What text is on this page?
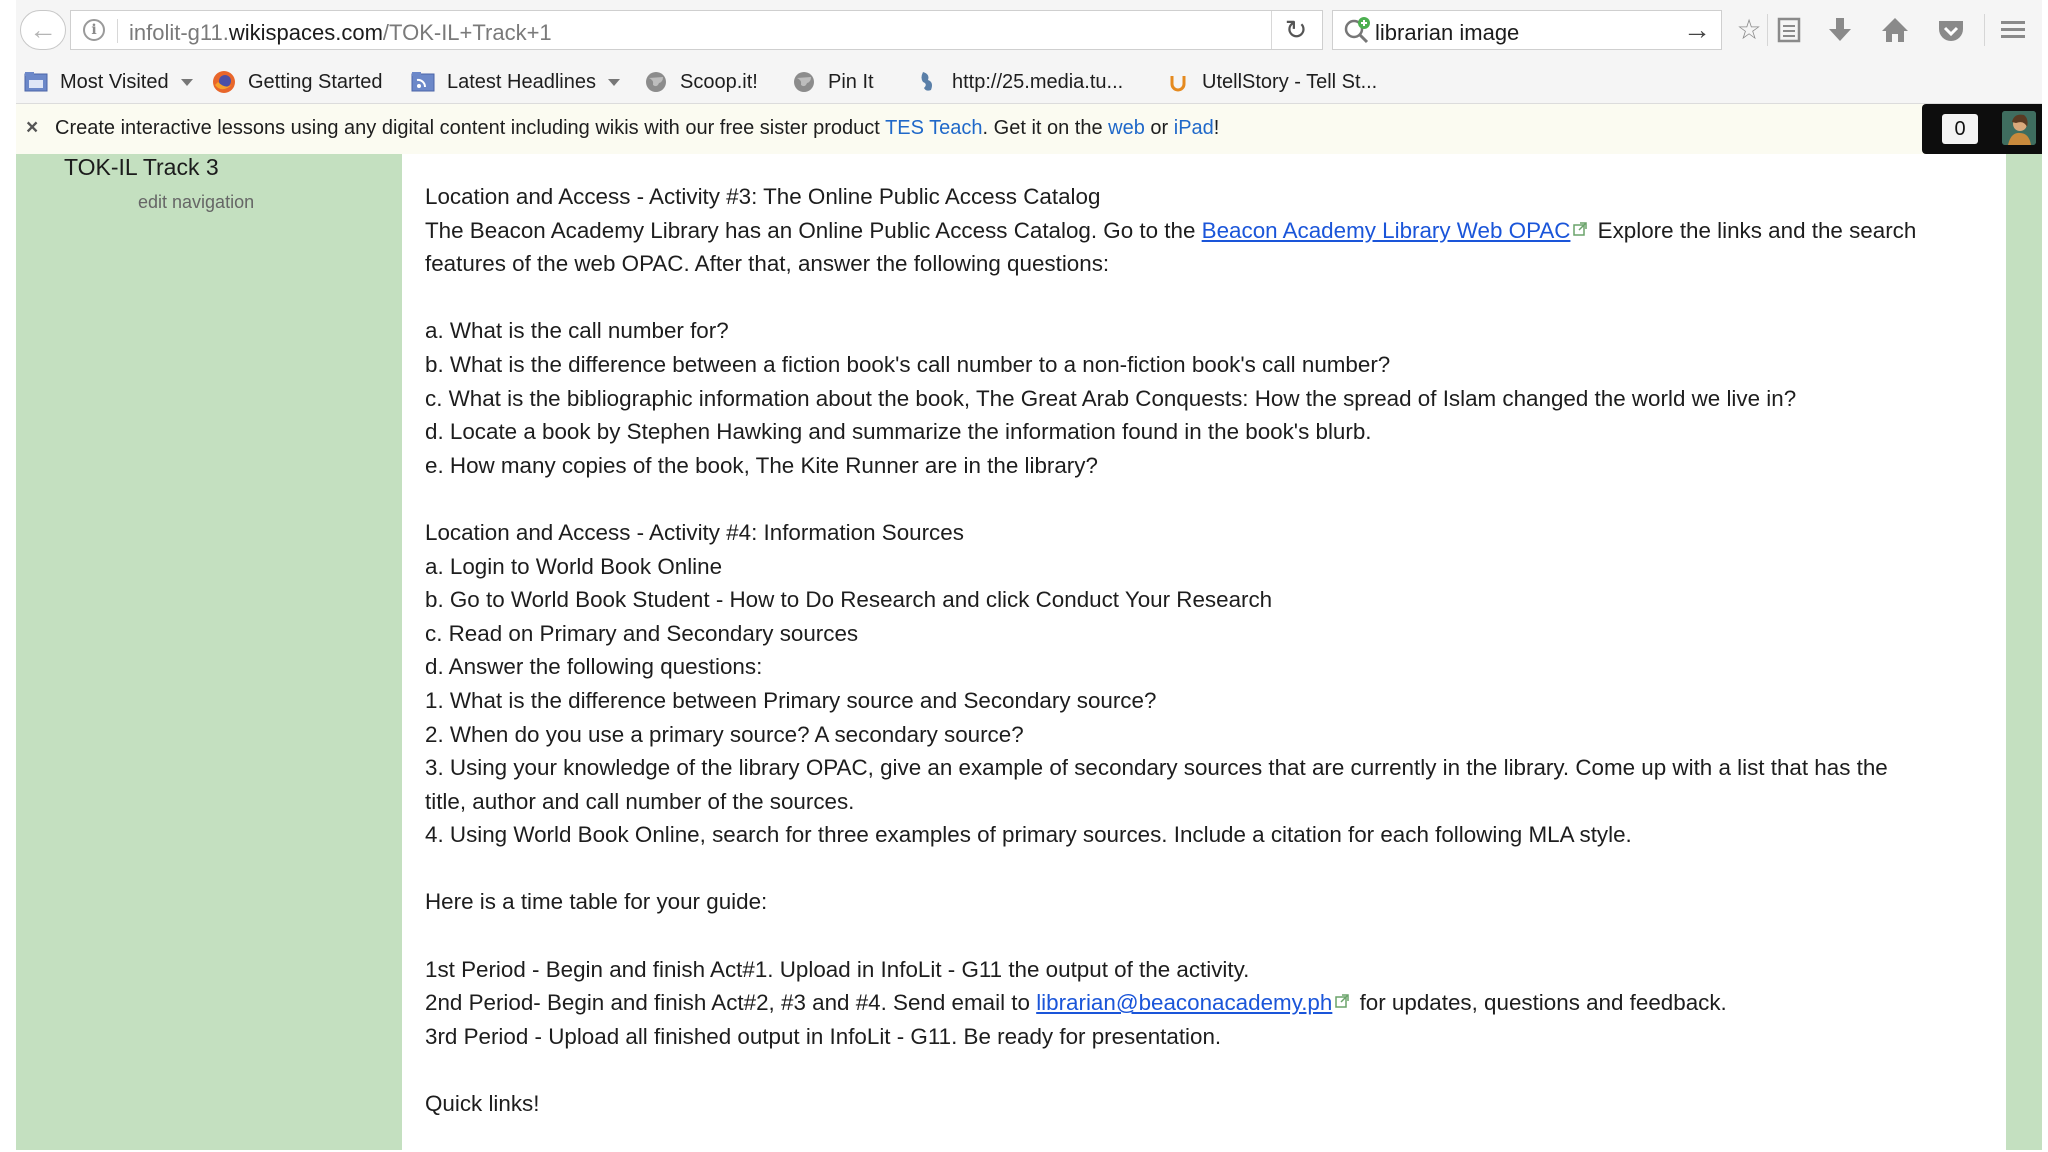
←	i	infolit-g11.wikispaces.com/TOK-IL+Track+1	↻	librarian image	→ ☆
Most Visited	Getting Started	Latest Headlines	Scoop.it!	Pin It	http://25.media.tu...	UtellStory - Tell St...
× Create interactive lessons using any digital content including wikis with our free sister product TES Teach. Get it on the web or iPad!	0
TOK-IL Track 3
edit navigation	Location and Access - Activity #3: The Online Public Access Catalog

The Beacon Academy Library has an Online Public Access Catalog. Go to the Beacon Academy Library Web OPAC Explore the links and the search features of the web OPAC. After that, answer the following questions:

a. What is the call number for?

b. What is the difference between a fiction book's call number to a non-fiction book's call number?

c. What is the bibliographic information about the book, The Great Arab Conquests: How the spread of Islam changed the world we live in?

d. Locate a book by Stephen Hawking and summarize the information found in the book's blurb.

e. How many copies of the book, The Kite Runner are in the library?

Location and Access - Activity #4: Information Sources

a. Login to World Book Online

b. Go to World Book Student - How to Do Research and click Conduct Your Research

c. Read on Primary and Secondary sources

d. Answer the following questions:

1. What is the difference between Primary source and Secondary source?

2. When do you use a primary source? A secondary source?

3. Using your knowledge of the library OPAC, give an example of secondary sources that are currently in the library. Come up with a list that has the title, author and call number of the sources.

4. Using World Book Online, search for three examples of primary sources. Include a citation for each following MLA style.

Here is a time table for your guide:

1st Period - Begin and finish Act#1. Upload in InfoLit - G11 the output of the activity.

2nd Period- Begin and finish Act#2, #3 and #4. Send email to librarian@beaconacademy.ph for updates, questions and feedback.

3rd Period - Upload all finished output in InfoLit - G11. Be ready for presentation.

Quick links!
